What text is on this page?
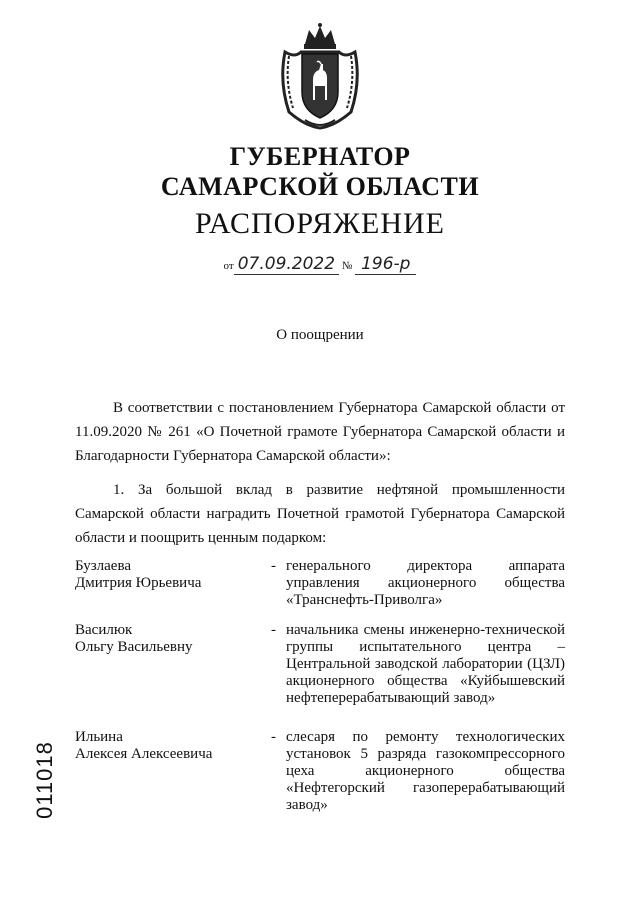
ГУБЕРНАТОР
САМАРСКОЙ ОБЛАСТИ
РАСПОРЯЖЕНИЕ
от 07.09.2022 № 196-р
О поощрении
В соответствии с постановлением Губернатора Самарской области от 11.09.2020 № 261 «О Почетной грамоте Губернатора Самарской области и Благодарности Губернатора Самарской области»:
1. За большой вклад в развитие нефтяной промышленности Самарской области наградить Почетной грамотой Губернатора Самарской области и поощрить ценным подарком:
Бузлаева
Дмитрия Юрьевича
- генерального директора аппарата управления акционерного общества «Транснефть-Приволга»
Василюк
Ольгу Васильевну
- начальника смены инженерно-технической группы испытательного центра – Центральной заводской лаборатории (ЦЗЛ) акционерного общества «Куйбышевский нефтеперерабатывающий завод»
Ильина
Алексея Алексеевича
- слесаря по ремонту технологических установок 5 разряда газокомпрессорного цеха акционерного общества «Нефтегорский газоперерабатывающий завод»
011018
